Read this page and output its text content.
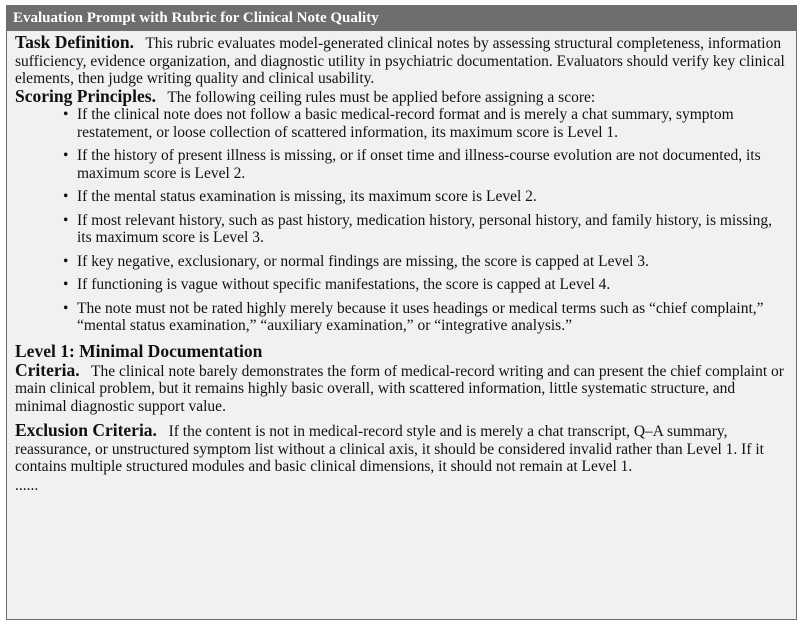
Evaluation Prompt with Rubric for Clinical Note Quality

Task Definition. This rubric evaluates model-generated clinical notes by assessing structural completeness, information sufficiency, evidence organization, and diagnostic utility in psychiatric documentation. Evaluators should verify key clinical elements, then judge writing quality and clinical usability.

Scoring Principles. The following ceiling rules must be applied before assigning a score:

• If the clinical note does not follow a basic medical-record format and is merely a chat summary, symptom restatement, or loose collection of scattered information, its maximum score is Level 1.
• If the history of present illness is missing, or if onset time and illness-course evolution are not documented, its maximum score is Level 2.
• If the mental status examination is missing, its maximum score is Level 2.
• If most relevant history, such as past history, medication history, personal history, and family history, is missing, its maximum score is Level 3.
• If key negative, exclusionary, or normal findings are missing, the score is capped at Level 3.
• If functioning is vague without specific manifestations, the score is capped at Level 4.
• The note must not be rated highly merely because it uses headings or medical terms such as “chief complaint,” “mental status examination,” “auxiliary examination,” or “integrative analysis.”
Level 1: Minimal Documentation

Criteria. The clinical note barely demonstrates the form of medical-record writing and can present the chief complaint or main clinical problem, but it remains highly basic overall, with scattered information, little systematic structure, and minimal diagnostic support value.

Exclusion Criteria. If the content is not in medical-record style and is merely a chat transcript, Q–A summary, reassurance, or unstructured symptom list without a clinical axis, it should be considered invalid rather than Level 1. If it contains multiple structured modules and basic clinical dimensions, it should not remain at Level 1.

......
